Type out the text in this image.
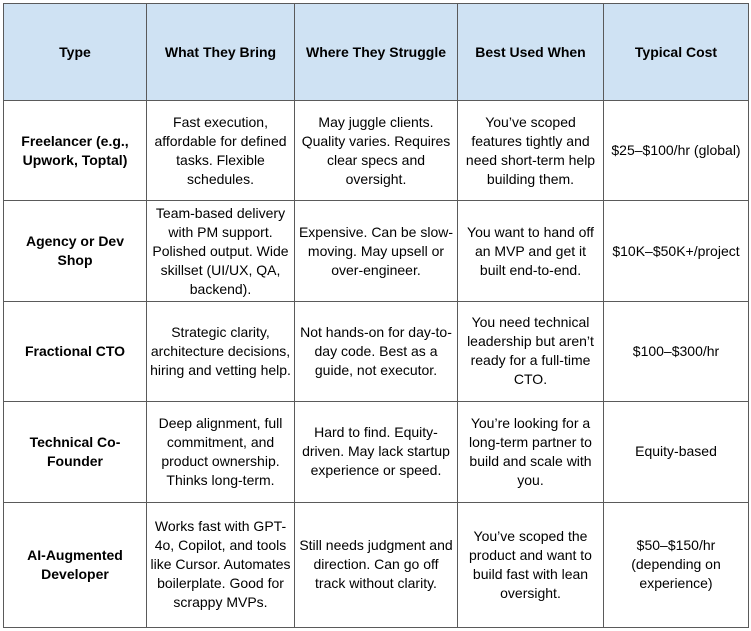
Type	What They Bring	Where They Struggle	Best Used When	Typical Cost
Freelancer (e.g., Upwork, Toptal)	Fast execution, affordable for defined tasks. Flexible schedules.	May juggle clients. Quality varies. Requires clear specs and oversight.	You’ve scoped features tightly and need short-term help building them.	$25–$100/hr (global)
Agency or Dev Shop	Team-based delivery with PM support. Polished output. Wide skillset (UI/UX, QA, backend).	Expensive. Can be slow-moving. May upsell or over-engineer.	You want to hand off an MVP and get it built end-to-end.	$10K–$50K+/project
Fractional CTO	Strategic clarity, architecture decisions, hiring and vetting help.	Not hands-on for day-to-day code. Best as a guide, not executor.	You need technical leadership but aren’t ready for a full-time CTO.	$100–$300/hr
Technical Co-Founder	Deep alignment, full commitment, and product ownership. Thinks long-term.	Hard to find. Equity-driven. May lack startup experience or speed.	You’re looking for a long-term partner to build and scale with you.	Equity-based
AI-Augmented Developer	Works fast with GPT-4o, Copilot, and tools like Cursor. Automates boilerplate. Good for scrappy MVPs.	Still needs judgment and direction. Can go off track without clarity.	You’ve scoped the product and want to build fast with lean oversight.	$50–$150/hr (depending on experience)
